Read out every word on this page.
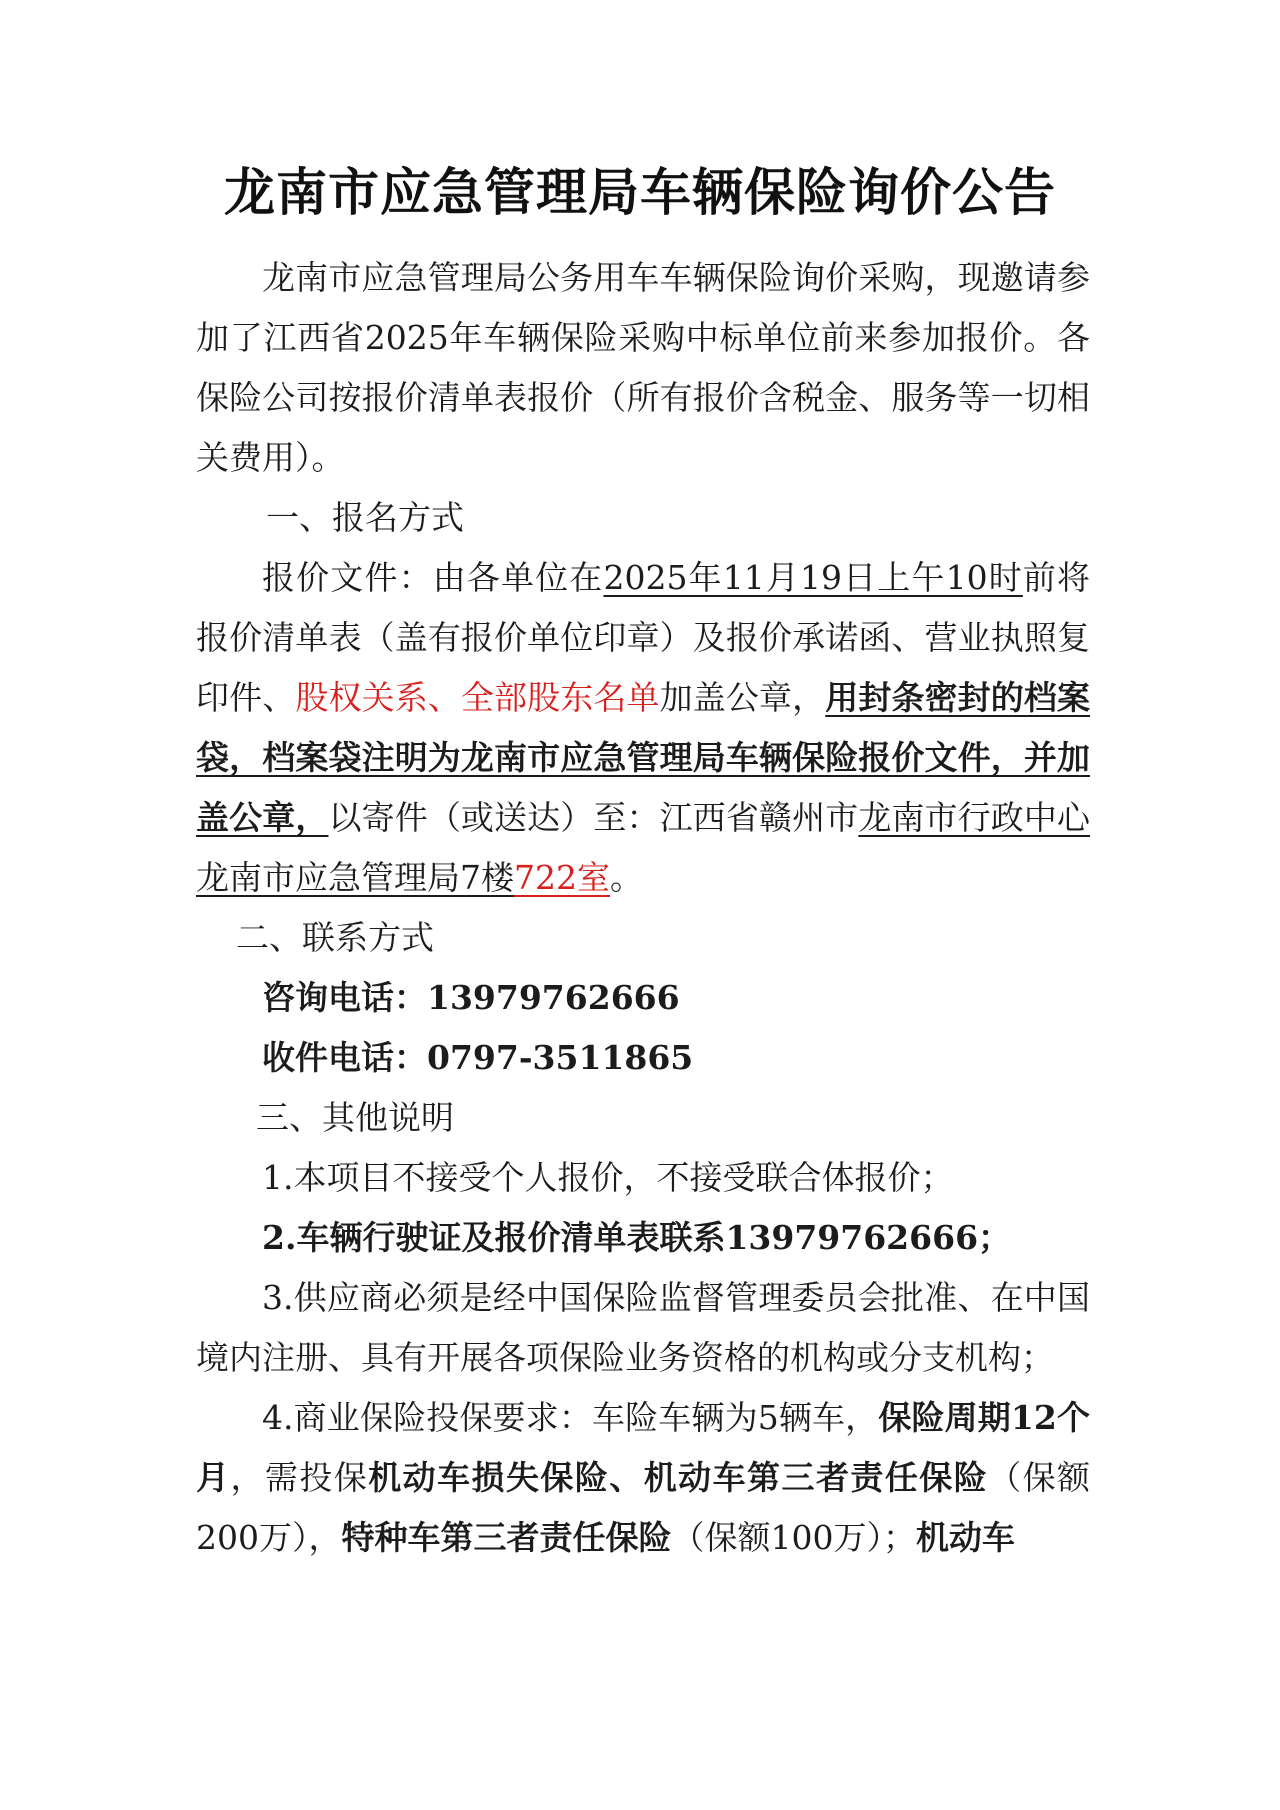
龙南市应急管理局车辆保险询价公告

龙南市应急管理局公务用车车辆保险询价采购，现邀请参加了江西省2025年车辆保险采购中标单位前来参加报价。各保险公司按报价清单表报价（所有报价含税金、服务等一切相关费用）。

一、报名方式

报价文件：由各单位在2025年11月19日上午10时前将报价清单表（盖有报价单位印章）及报价承诺函、营业执照复印件、股权关系、全部股东名单加盖公章，用封条密封的档案袋，档案袋注明为龙南市应急管理局车辆保险报价文件，并加盖公章，以寄件（或送达）至：江西省赣州市龙南市行政中心龙南市应急管理局7楼722室。

二、联系方式

咨询电话：13979762666

收件电话：0797-3511865

三、其他说明

1.本项目不接受个人报价，不接受联合体报价；

2.车辆行驶证及报价清单表联系13979762666；

3.供应商必须是经中国保险监督管理委员会批准、在中国境内注册、具有开展各项保险业务资格的机构或分支机构；

4.商业保险投保要求：车险车辆为5辆车，保险周期12个月，需投保机动车损失保险、机动车第三者责任保险（保额200万），特种车第三者责任保险（保额100万）；机动车
